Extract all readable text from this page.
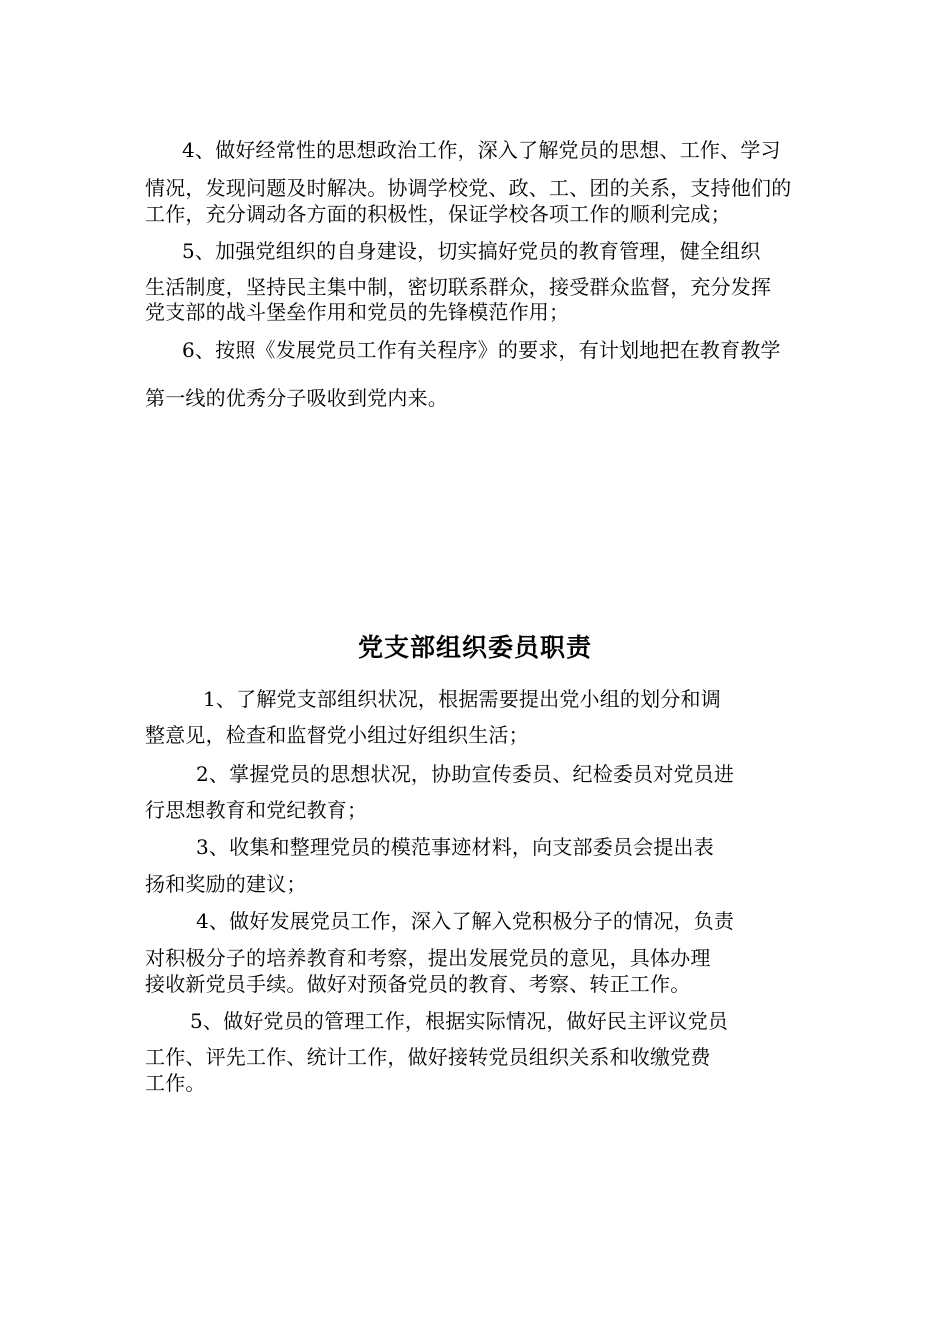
4、做好经常性的思想政治工作，深入了解党员的思想、工作、学习
情况，发现问题及时解决。协调学校党、政、工、团的关系，支持他们的
工作，充分调动各方面的积极性，保证学校各项工作的顺利完成；
5、加强党组织的自身建设，切实搞好党员的教育管理，健全组织
生活制度，坚持民主集中制，密切联系群众，接受群众监督，充分发挥
党支部的战斗堡垒作用和党员的先锋模范作用；
6、按照《发展党员工作有关程序》的要求，有计划地把在教育教学
第一线的优秀分子吸收到党内来。
党支部组织委员职责
1、了解党支部组织状况，根据需要提出党小组的划分和调
整意见，检查和监督党小组过好组织生活；
2、掌握党员的思想状况，协助宣传委员、纪检委员对党员进
行思想教育和党纪教育；
3、收集和整理党员的模范事迹材料，向支部委员会提出表
扬和奖励的建议；
4、做好发展党员工作，深入了解入党积极分子的情况，负责
对积极分子的培养教育和考察，提出发展党员的意见，具体办理
接收新党员手续。做好对预备党员的教育、考察、转正工作。
5、做好党员的管理工作，根据实际情况，做好民主评议党员
工作、评先工作、统计工作，做好接转党员组织关系和收缴党费
工作。
